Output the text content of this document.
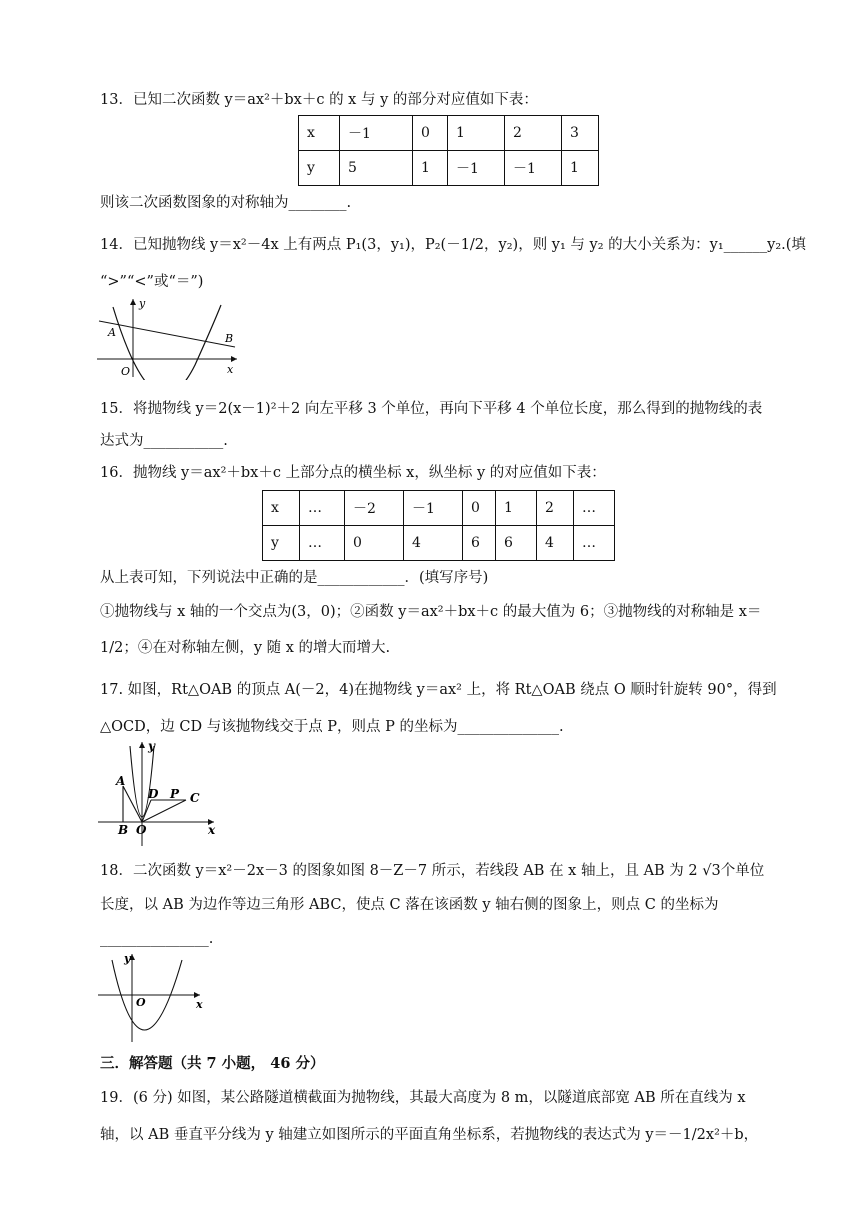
13．已知二次函数 y＝ax²＋bx＋c 的 x 与 y 的部分对应值如下表：
x	－1	0	1	2	3
y	5	1	－1	－1	1
则该二次函数图象的对称轴为________.
14．已知抛物线 y＝x²－4x 上有两点 P₁(3，y₁)，P₂(－1/2，y₂)，则 y₁ 与 y₂ 的大小关系为：y₁______y₂.(填
“>”“<”或“＝”)
y
x
O
A	B
15．将抛物线 y＝2(x－1)²＋2 向左平移 3 个单位，再向下平移 4 个单位长度，那么得到的抛物线的表
达式为___________.
16．抛物线 y＝ax²＋bx＋c 上部分点的横坐标 x，纵坐标 y 的对应值如下表：
x	…	－2	－1	0	1	2	…
y	…	0	4	6	6	4	…
从上表可知，下列说法中正确的是____________．(填写序号)
①抛物线与 x 轴的一个交点为(3，0)；②函数 y＝ax²＋bx＋c 的最大值为 6；③抛物线的对称轴是 x＝
1/2；④在对称轴左侧，y 随 x 的增大而增大.
17. 如图，Rt△OAB 的顶点 A(－2，4)在抛物线 y＝ax² 上，将 Rt△OAB 绕点 O 顺时针旋转 90°，得到
△OCD，边 CD 与该抛物线交于点 P，则点 P 的坐标为______________.
y
x
A
B O
D P C
18．二次函数 y＝x²－2x－3 的图象如图 8－Z－7 所示，若线段 AB 在 x 轴上，且 AB 为 2 √3个单位
长度，以 AB 为边作等边三角形 ABC，使点 C 落在该函数 y 轴右侧的图象上，则点 C 的坐标为
_______________.
y
x
O
三．解答题（共 7 小题， 46 分）
19．(6 分) 如图，某公路隧道横截面为抛物线，其最大高度为 8 m，以隧道底部宽 AB 所在直线为 x
轴，以 AB 垂直平分线为 y 轴建立如图所示的平面直角坐标系，若抛物线的表达式为 y＝－1/2x²＋b，
